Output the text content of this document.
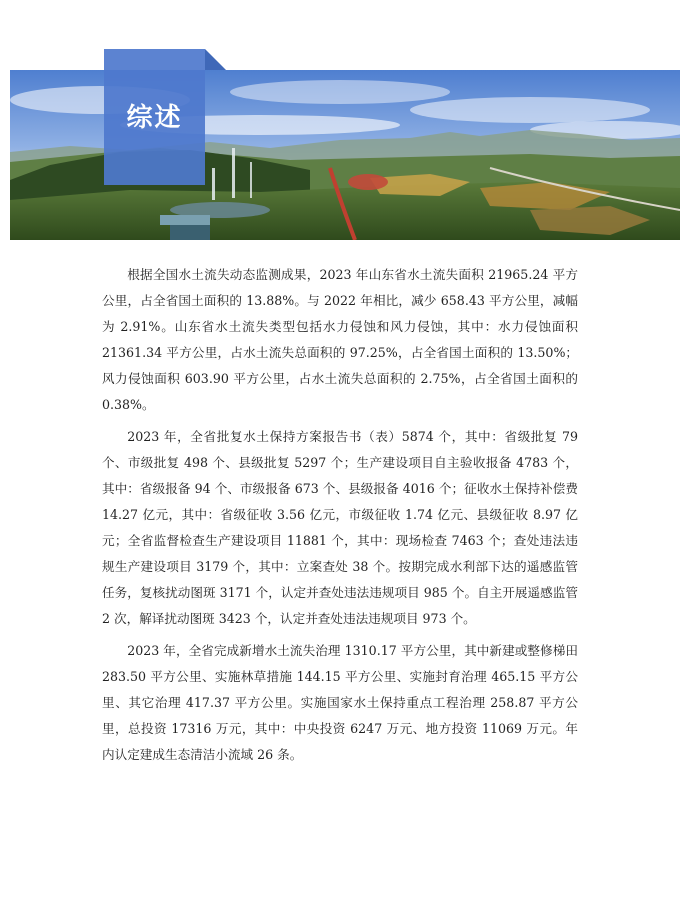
综述

根据全国水土流失动态监测成果，2023 年山东省水土流失面积 21965.24 平方公里，占全省国土面积的 13.88%。与 2022 年相比，减少 658.43 平方公里，减幅为 2.91%。山东省水土流失类型包括水力侵蚀和风力侵蚀，其中：水力侵蚀面积 21361.34 平方公里，占水土流失总面积的 97.25%，占全省国土面积的 13.50%；风力侵蚀面积 603.90 平方公里，占水土流失总面积的 2.75%，占全省国土面积的 0.38%。

2023 年，全省批复水土保持方案报告书（表）5874 个，其中：省级批复 79 个、市级批复 498 个、县级批复 5297 个；生产建设项目自主验收报备 4783 个，其中：省级报备 94 个、市级报备 673 个、县级报备 4016 个；征收水土保持补偿费 14.27 亿元，其中：省级征收 3.56 亿元，市级征收 1.74 亿元、县级征收 8.97 亿元；全省监督检查生产建设项目 11881 个，其中：现场检查 7463 个；查处违法违规生产建设项目 3179 个，其中：立案查处 38 个。按期完成水利部下达的遥感监管任务，复核扰动图斑 3171 个，认定并查处违法违规项目 985 个。自主开展遥感监管 2 次，解译扰动图斑 3423 个，认定并查处违法违规项目 973 个。

2023 年，全省完成新增水土流失治理 1310.17 平方公里，其中新建或整修梯田 283.50 平方公里、实施林草措施 144.15 平方公里、实施封育治理 465.15 平方公里、其它治理 417.37 平方公里。实施国家水土保持重点工程治理 258.87 平方公里，总投资 17316 万元，其中：中央投资 6247 万元、地方投资 11069 万元。年内认定建成生态清洁小流域 26 条。
